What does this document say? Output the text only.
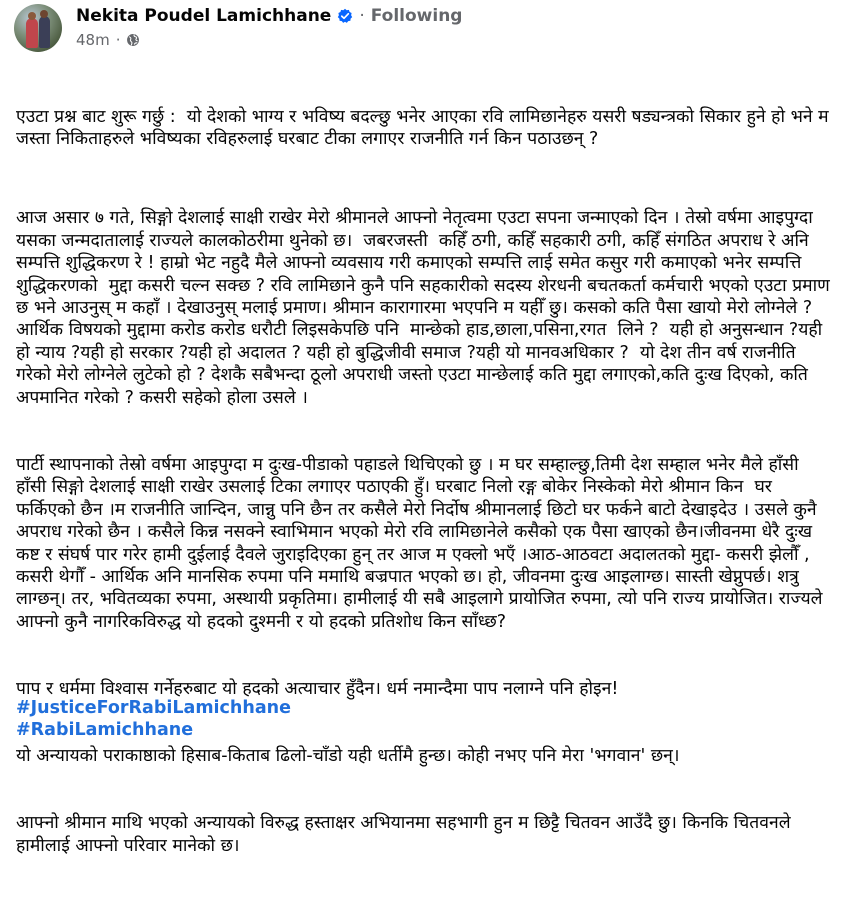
Nekita Poudel Lamichhane · Following
48m ·

एउटा प्रश्न बाट शुरू गर्छु :  यो देशको भाग्य र भविष्य बदल्छु भनेर आएका रवि लामिछानेहरु यसरी षड्यन्त्रको सिकार हुने हो भने म जस्ता निकिताहरुले भविष्यका रविहरुलाई घरबाट टीका लगाएर राजनीति गर्न किन पठाउछन् ?

आज असार ७ गते, सिङ्गो देशलाई साक्षी राखेर मेरो श्रीमानले आफ्नो नेतृत्वमा एउटा सपना जन्माएको दिन । तेस्रो वर्षमा आइपुग्दा यसका जन्मदातालाई राज्यले कालकोठरीमा थुनेको छ।  जबरजस्ती  कहिँ ठगी, कहिँ सहकारी ठगी, कहिँ संगठित अपराध रे अनि सम्पत्ति शुद्धिकरण रे ! हाम्रो भेट नहुदै मैले आफ्नो व्यवसाय गरी कमाएको सम्पत्ति लाई समेत कसुर गरी कमाएको भनेर सम्पत्ति शुद्धिकरणको  मुद्दा कसरी चल्न सक्छ ? रवि लामिछाने कुनै पनि सहकारीको सदस्य शेरधनी बचतकर्ता कर्मचारी भएको एउटा प्रमाण छ भने आउनुस् म कहाँ । देखाउनुस् मलाई प्रमाण। श्रीमान कारागारमा भएपनि म यहीँ छु। कसको कति पैसा खायो मेरो लोग्नेले ? आर्थिक विषयको मुद्दामा करोड करोड धरौटी लिइसकेपछि पनि  मान्छेको हाड,छाला,पसिना,रगत  लिने ?  यही हो अनुसन्धान ?यही हो न्याय ?यही हो सरकार ?यही हो अदालत ? यही हो बुद्धिजीवी समाज ?यही यो मानवअधिकार ?  यो देश तीन वर्ष राजनीति गरेको मेरो लोग्नेले लुटेको हो ? देशकै सबैभन्दा ठूलो अपराधी जस्तो एउटा मान्छेलाई कति मुद्दा लगाएको,कति दुःख दिएको, कति अपमानित गरेको ? कसरी सहेको होला उसले ।

पार्टी स्थापनाको तेस्रो वर्षमा आइपुग्दा म दुःख-पीडाको पहाडले थिचिएको छु । म घर सम्हाल्छु,तिमी देश सम्हाल भनेर मैले हाँसी हाँसी सिङ्गो देशलाई साक्षी राखेर उसलाई टिका लगाएर पठाएकी हुँ। घरबाट निलो रङ्ग बोकेर निस्केको मेरो श्रीमान किन  घर फर्किएको छैन ।म राजनीति जान्दिन, जान्नु पनि छैन तर कसैले मेरो निर्दोष श्रीमानलाई छिटो घर फर्कने बाटो देखाइदेउ । उसले कुनै अपराध गरेको छैन । कसैले किन्न नसक्ने स्वाभिमान भएको मेरो रवि लामिछानेले कसैको एक पैसा खाएको छैन।जीवनमा धेरै दुःख कष्ट र संघर्ष पार गरेर हामी दुईलाई दैवले जुराइदिएका हुन् तर आज म एक्लो भएँ ।आठ-आठवटा अदालतको मुद्दा- कसरी झेलौँ , कसरी थेगौँ - आर्थिक अनि मानसिक रुपमा पनि ममाथि बज्रपात भएको छ। हो, जीवनमा दुःख आइलाग्छ। सास्ती खेप्नुपर्छ। शत्रु लाग्छन्। तर, भवितव्यका रुपमा, अस्थायी प्रकृतिमा। हामीलाई यी सबै आइलागे प्रायोजित रुपमा, त्यो पनि राज्य प्रायोजित। राज्यले आफ्नो कुनै नागरिकविरुद्ध यो हदको दुश्मनी र यो हदको प्रतिशोध किन साँध्छ?

पाप र धर्ममा विश्वास गर्नेहरुबाट यो हदको अत्याचार हुँदैन। धर्म नमान्दैमा पाप नलाग्ने पनि होइन!

यो अन्यायको पराकाष्ठाको हिसाब-किताब ढिलो-चाँडो यही धर्तीमै हुन्छ। कोही नभए पनि मेरा 'भगवान' छन्।

आफ्नो श्रीमान माथि भएको अन्यायको विरुद्ध हस्ताक्षर अभियानमा सहभागी हुन म छिट्टै चितवन आउँदै छु। किनकि चितवनले हामीलाई आफ्नो परिवार मानेको छ।

#JusticeForRabiLamichhane
#RabiLamichhane
